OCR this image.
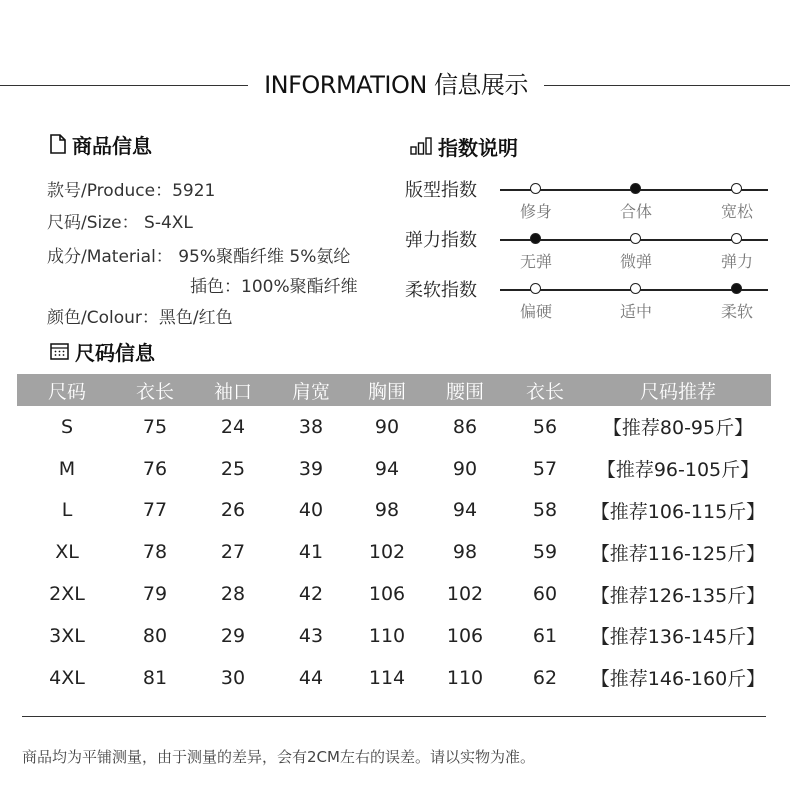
INFORMATION 信息展示
商品信息
款号/Produce：5921
尺码/Size： S-4XL
成分/Material： 95%聚酯纤维 5%氨纶
插色：100%聚酯纤维
颜色/Colour：黑色/红色
指数说明
版型指数
修身	合体	宽松
弹力指数
无弹	微弹	弹力
柔软指数
偏硬	适中	柔软
尺码信息
尺码	衣长	袖口	肩宽	胸围	腰围	衣长	尺码推荐
S	75	24	38	90	86	56	【推荐80-95斤】
M	76	25	39	94	90	57	【推荐96-105斤】
L	77	26	40	98	94	58	【推荐106-115斤】
XL	78	27	41	102	98	59	【推荐116-125斤】
2XL	79	28	42	106	102	60	【推荐126-135斤】
3XL	80	29	43	110	106	61	【推荐136-145斤】
4XL	81	30	44	114	110	62	【推荐146-160斤】
商品均为平铺测量，由于测量的差异，会有2CM左右的误差。请以实物为准。
